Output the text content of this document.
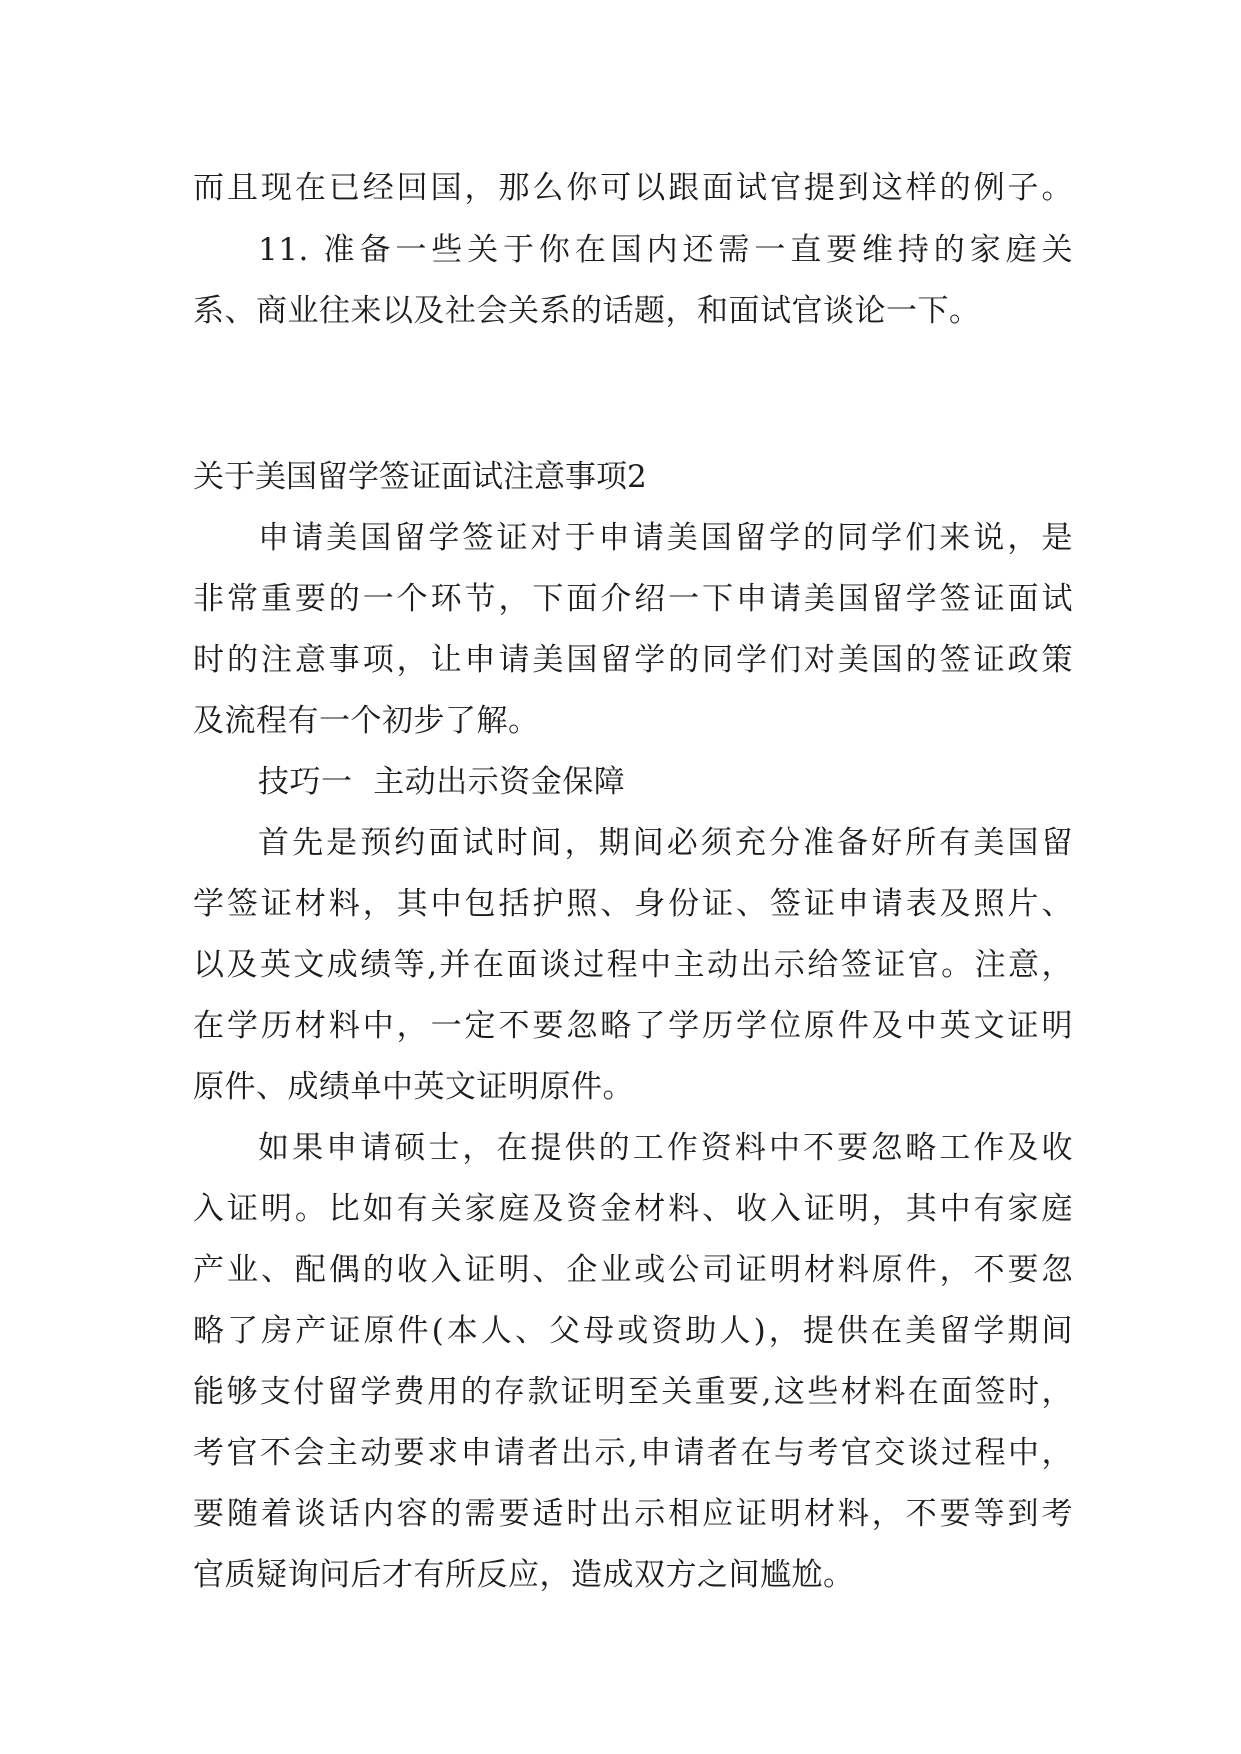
而且现在已经回国，那么你可以跟面试官提到这样的例子。

11. 准备一些关于你在国内还需一直要维持的家庭关

系、商业往来以及社会关系的话题，和面试官谈论一下。

关于美国留学签证面试注意事项2

申请美国留学签证对于申请美国留学的同学们来说，是

非常重要的一个环节，下面介绍一下申请美国留学签证面试

时的注意事项，让申请美国留学的同学们对美国的签证政策

及流程有一个初步了解。

技巧一  主动出示资金保障

首先是预约面试时间，期间必须充分准备好所有美国留

学签证材料，其中包括护照、身份证、签证申请表及照片、

以及英文成绩等,并在面谈过程中主动出示给签证官。注意，

在学历材料中，一定不要忽略了学历学位原件及中英文证明

原件、成绩单中英文证明原件。

如果申请硕士，在提供的工作资料中不要忽略工作及收

入证明。比如有关家庭及资金材料、收入证明，其中有家庭

产业、配偶的收入证明、企业或公司证明材料原件，不要忽

略了房产证原件(本人、父母或资助人)，提供在美留学期间

能够支付留学费用的存款证明至关重要,这些材料在面签时，

考官不会主动要求申请者出示,申请者在与考官交谈过程中，

要随着谈话内容的需要适时出示相应证明材料，不要等到考

官质疑询问后才有所反应，造成双方之间尴尬。
